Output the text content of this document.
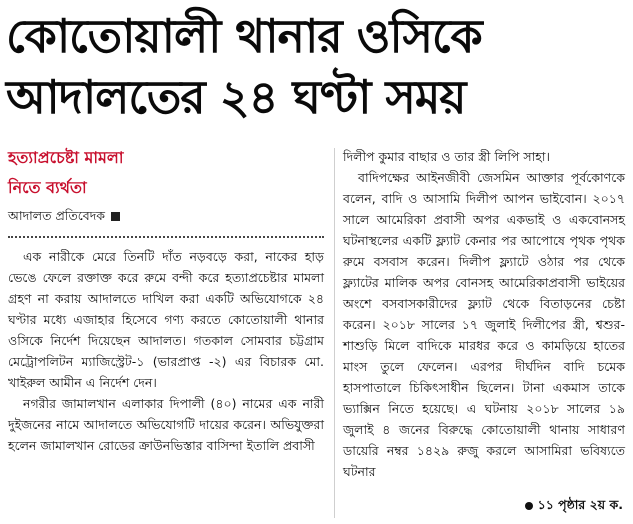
কোতোয়ালী থানার ওসিকে
আদালতের ২৪ ঘণ্টা সময়
হত্যাপ্রচেষ্টা মামলা
নিতে ব্যর্থতা
আদালত প্রতিবেদক

এক নারীকে মেরে তিনটি দাঁত নড়বড়ে করা, নাকের হাড় ভেঙে ফেলে রক্তাক্ত করে রুমে বন্দী করে হত্যাপ্রচেষ্টার মামলা গ্রহণ না করায় আদালতে দাখিল করা একটি অভিযোগকে ২৪ ঘণ্টার মধ্যে এজাহার হিসেবে গণ্য করতে কোতোয়ালী থানার ওসিকে নির্দেশ দিয়েছেন আদালত। গতকাল সোমবার চট্টগ্রাম মেট্রোপলিটন ম্যাজিস্ট্রেট-১ (ভারপ্রাপ্ত -২) এর বিচারক মো. খাইরুল আমীন এ নির্দেশ দেন।

নগরীর জামালখান এলাকার দিপালী (৪০) নামের এক নারী দুইজনের নামে আদালতে অভিযোগটি দায়ের করেন। অভিযুক্তরা হলেন জামালখান রোডের ক্রাউনভিস্তার বাসিন্দা ইতালি প্রবাসী

দিলীপ কুমার বাছার ও তার স্ত্রী লিপি সাহা।

বাদিপক্ষের আইনজীবী জেসমিন আক্তার পূর্বকোণকে বলেন, বাদি ও আসামি দিলীপ আপন ভাইবোন। ২০১৭ সালে আমেরিকা প্রবাসী অপর একভাই ও একবোনসহ ঘটনাস্থলের একটি ফ্ল্যাট কেনার পর আপোষে পৃথক পৃথক রুমে বসবাস করেন। দিলীপ ফ্ল্যাটে ওঠার পর থেকে ফ্ল্যাটের মালিক অপর বোনসহ আমেরিকাপ্রবাসী ভাইয়ের অংশে বসবাসকারীদের ফ্ল্যাট থেকে বিতাড়নের চেষ্টা করেন। ২০১৮ সালের ১৭ জুলাই দিলীপের স্ত্রী, শ্বশুর-শাশুড়ি মিলে বাদিকে মারধর করে ও কামড়িয়ে হাতের মাংস তুলে ফেলেন। এরপর দীর্ঘদিন বাদি চমেক হাসপাতালে চিকিৎসাধীন ছিলেন। টানা একমাস তাকে ভ্যাক্সিন নিতে হয়েছে। এ ঘটনায় ২০১৮ সালের ১৯ জুলাই ৪ জনের বিরুদ্ধে কোতোয়ালী থানায় সাধারণ ডায়েরি নম্বর ১৪২৯ রুজু করলে আসামিরা ভবিষ্যতে ঘটনার

১১ পৃষ্ঠার ২য় ক.
